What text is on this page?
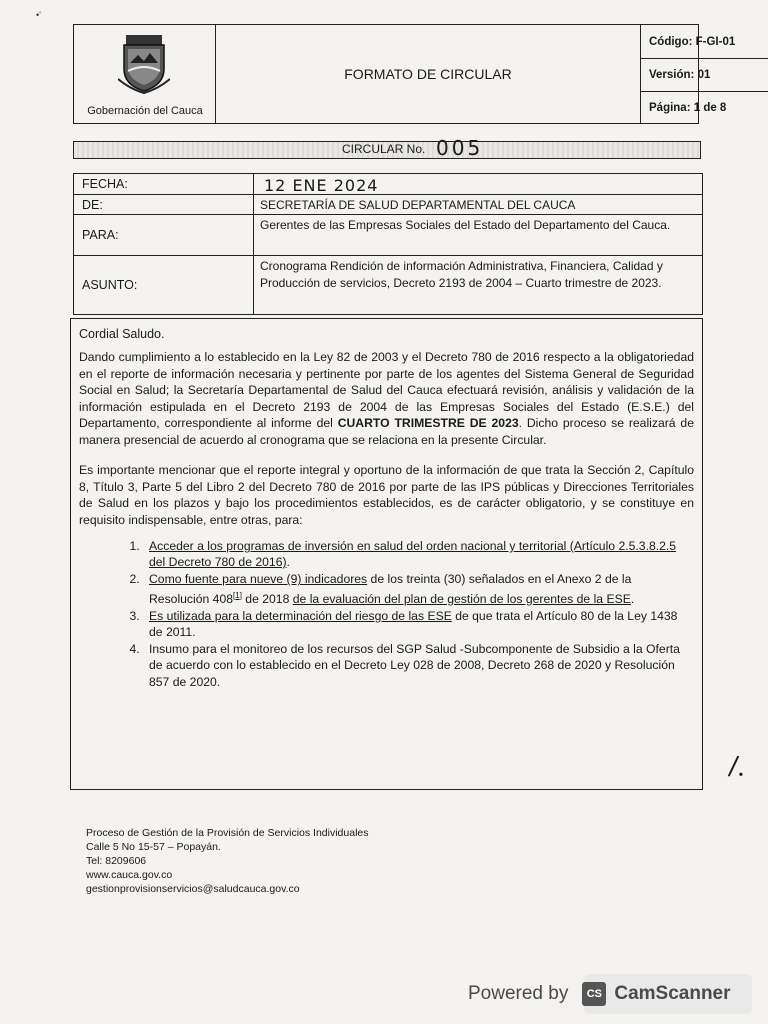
•'
Gobernación del Cauca
FORMATO DE CIRCULAR
Código: F-GI-01
Versión: 01
Página: 1 de 8
CIRCULAR No. 005
FECHA:	12 ENE 2024
DE:	SECRETARÍA DE SALUD DEPARTAMENTAL DEL CAUCA
PARA:
Gerentes de las Empresas Sociales del Estado del Departamento del Cauca.
ASUNTO:
Cronograma Rendición de información Administrativa, Financiera, Calidad y Producción de servicios, Decreto 2193 de 2004 – Cuarto trimestre de 2023.

Cordial Saludo.

Dando cumplimiento a lo establecido en la Ley 82 de 2003 y el Decreto 780 de 2016 respecto a la obligatoriedad en el reporte de información necesaria y pertinente por parte de los agentes del Sistema General de Seguridad Social en Salud; la Secretaría Departamental de Salud del Cauca efectuará revisión, análisis y validación de la información estipulada en el Decreto 2193 de 2004 de las Empresas Sociales del Estado (E.S.E.) del Departamento, correspondiente al informe del CUARTO TRIMESTRE DE 2023. Dicho proceso se realizará de manera presencial de acuerdo al cronograma que se relaciona en la presente Circular.

Es importante mencionar que el reporte integral y oportuno de la información de que trata la Sección 2, Capítulo 8, Título 3, Parte 5 del Libro 2 del Decreto 780 de 2016 por parte de las IPS públicas y Direcciones Territoriales de Salud en los plazos y bajo los procedimientos establecidos, es de carácter obligatorio, y se constituye en requisito indispensable, entre otras, para:

1. Acceder a los programas de inversión en salud del orden nacional y territorial (Artículo 2.5.3.8.2.5 del Decreto 780 de 2016).
2. Como fuente para nueve (9) indicadores de los treinta (30) señalados en el Anexo 2 de la Resolución 408[1] de 2018 de la evaluación del plan de gestión de los gerentes de la ESE.
3. Es utilizada para la determinación del riesgo de las ESE de que trata el Artículo 80 de la Ley 1438 de 2011.
4. Insumo para el monitoreo de los recursos del SGP Salud -Subcomponente de Subsidio a la Oferta de acuerdo con lo establecido en el Decreto Ley 028 de 2008, Decreto 268 de 2020 y Resolución 857 de 2020.
/.
Proceso de Gestión de la Provisión de Servicios Individuales
Calle 5 No 15-57 – Popayán.
Tel: 8209606
www.cauca.gov.co
gestionprovisionservicios@saludcauca.gov.co
Powered by	CS CamScanner
